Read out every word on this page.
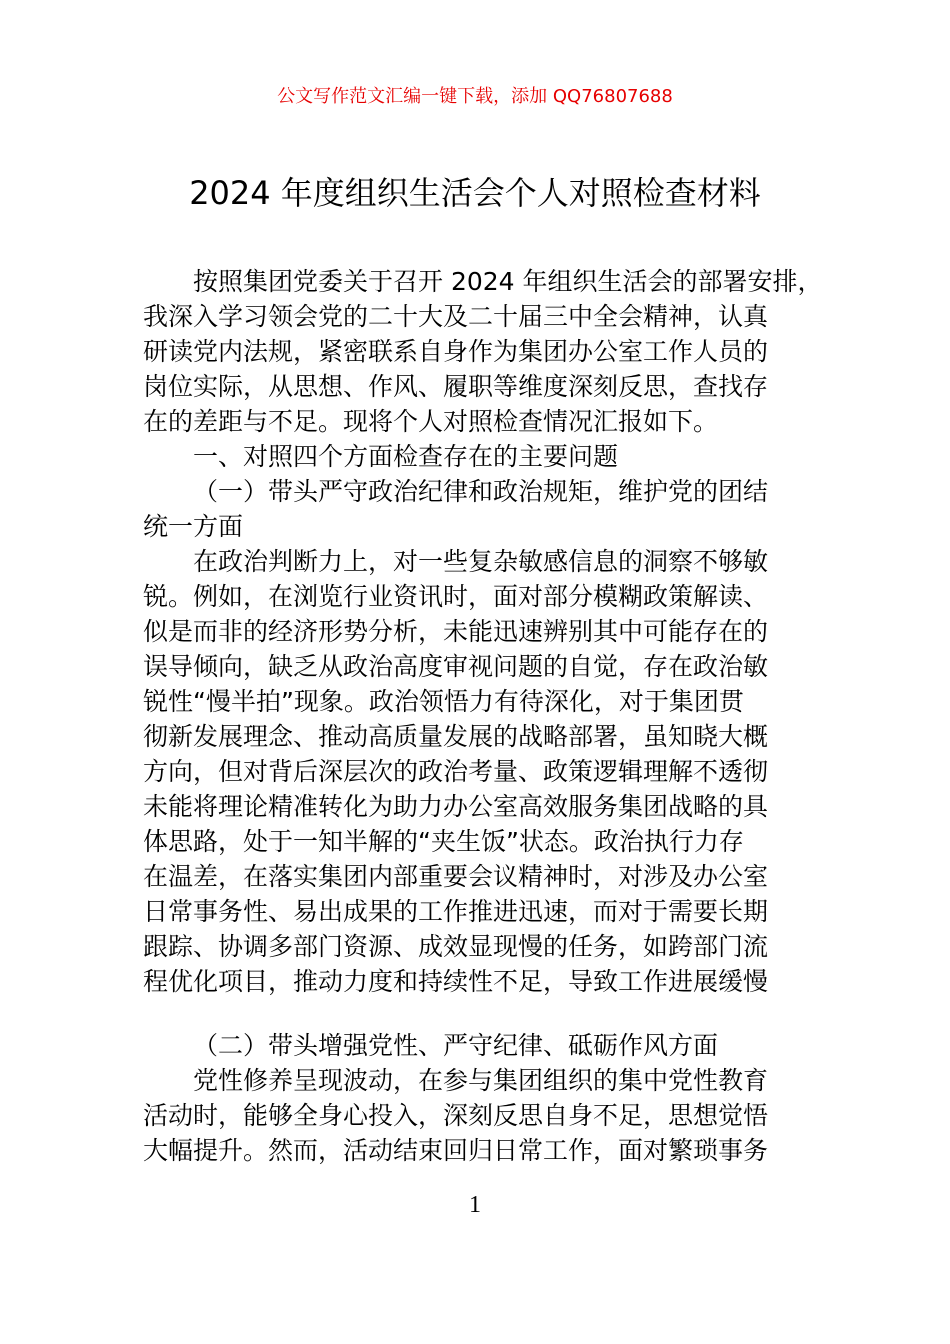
公文写作范文汇编一键下载，添加 QQ76807688
2024 年度组织生活会个人对照检查材料
按照集团党委关于召开 2024 年组织生活会的部署安排，
我深入学习领会党的二十大及二十届三中全会精神，认真
研读党内法规，紧密联系自身作为集团办公室工作人员的
岗位实际，从思想、作风、履职等维度深刻反思，查找存
在的差距与不足。现将个人对照检查情况汇报如下。
一、对照四个方面检查存在的主要问题
（一）带头严守政治纪律和政治规矩，维护党的团结
统一方面
在政治判断力上，对一些复杂敏感信息的洞察不够敏
锐。例如，在浏览行业资讯时，面对部分模糊政策解读、
似是而非的经济形势分析，未能迅速辨别其中可能存在的
误导倾向，缺乏从政治高度审视问题的自觉，存在政治敏
锐性“慢半拍”现象。政治领悟力有待深化，对于集团贯
彻新发展理念、推动高质量发展的战略部署，虽知晓大概
方向，但对背后深层次的政治考量、政策逻辑理解不透彻
未能将理论精准转化为助力办公室高效服务集团战略的具
体思路，处于一知半解的“夹生饭”状态。政治执行力存
在温差，在落实集团内部重要会议精神时，对涉及办公室
日常事务性、易出成果的工作推进迅速，而对于需要长期
跟踪、协调多部门资源、成效显现慢的任务，如跨部门流
程优化项目，推动力度和持续性不足，导致工作进展缓慢
（二）带头增强党性、严守纪律、砥砺作风方面
党性修养呈现波动，在参与集团组织的集中党性教育
活动时，能够全身心投入，深刻反思自身不足，思想觉悟
大幅提升。然而，活动结束回归日常工作，面对繁琐事务
1
